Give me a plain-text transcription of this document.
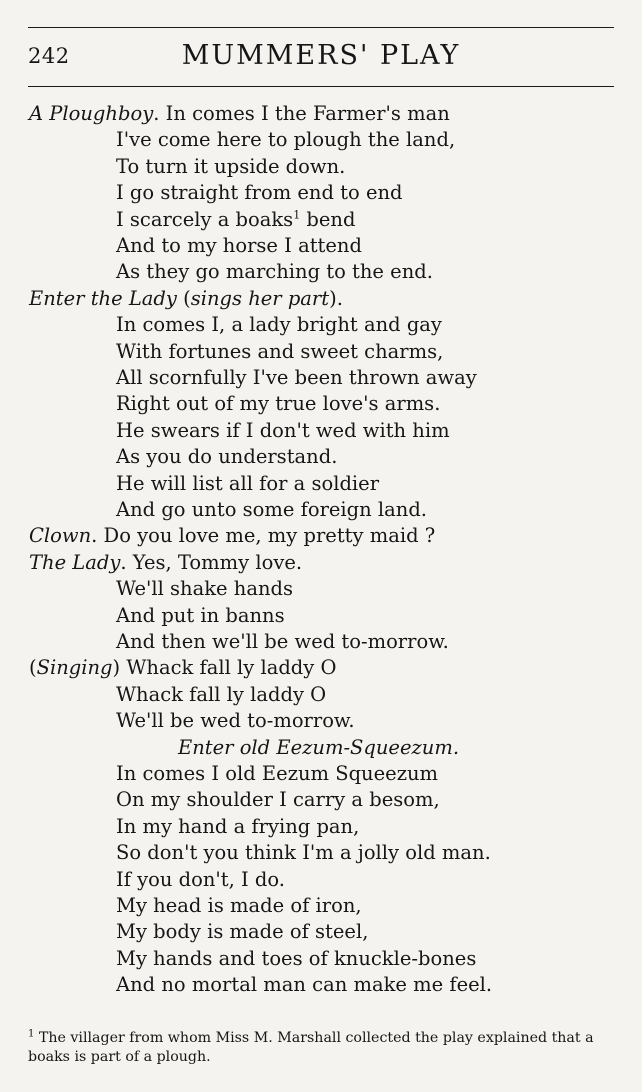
242	MUMMERS' PLAY
A Ploughboy. In comes I the Farmer's man
I've come here to plough the land,
To turn it upside down.
I go straight from end to end
I scarcely a boaks$^1$ bend
And to my horse I attend
As they go marching to the end.
Enter the Lady (sings her part).
In comes I, a lady bright and gay
With fortunes and sweet charms,
All scornfully I've been thrown away
Right out of my true love's arms.
He swears if I don't wed with him
As you do understand.
He will list all for a soldier
And go unto some foreign land.
Clown. Do you love me, my pretty maid ?
The Lady. Yes, Tommy love.
We'll shake hands
And put in banns
And then we'll be wed to-morrow.
(Singing) Whack fall ly laddy O
Whack fall ly laddy O
We'll be wed to-morrow.
Enter old Eezum-Squeezum.
In comes I old Eezum Squeezum
On my shoulder I carry a besom,
In my hand a frying pan,
So don't you think I'm a jolly old man.
If you don't, I do.
My head is made of iron,
My body is made of steel,
My hands and toes of knuckle-bones
And no mortal man can make me feel.
$^1$ The villager from whom Miss M. Marshall collected the play explained that a boaks is part of a plough.
